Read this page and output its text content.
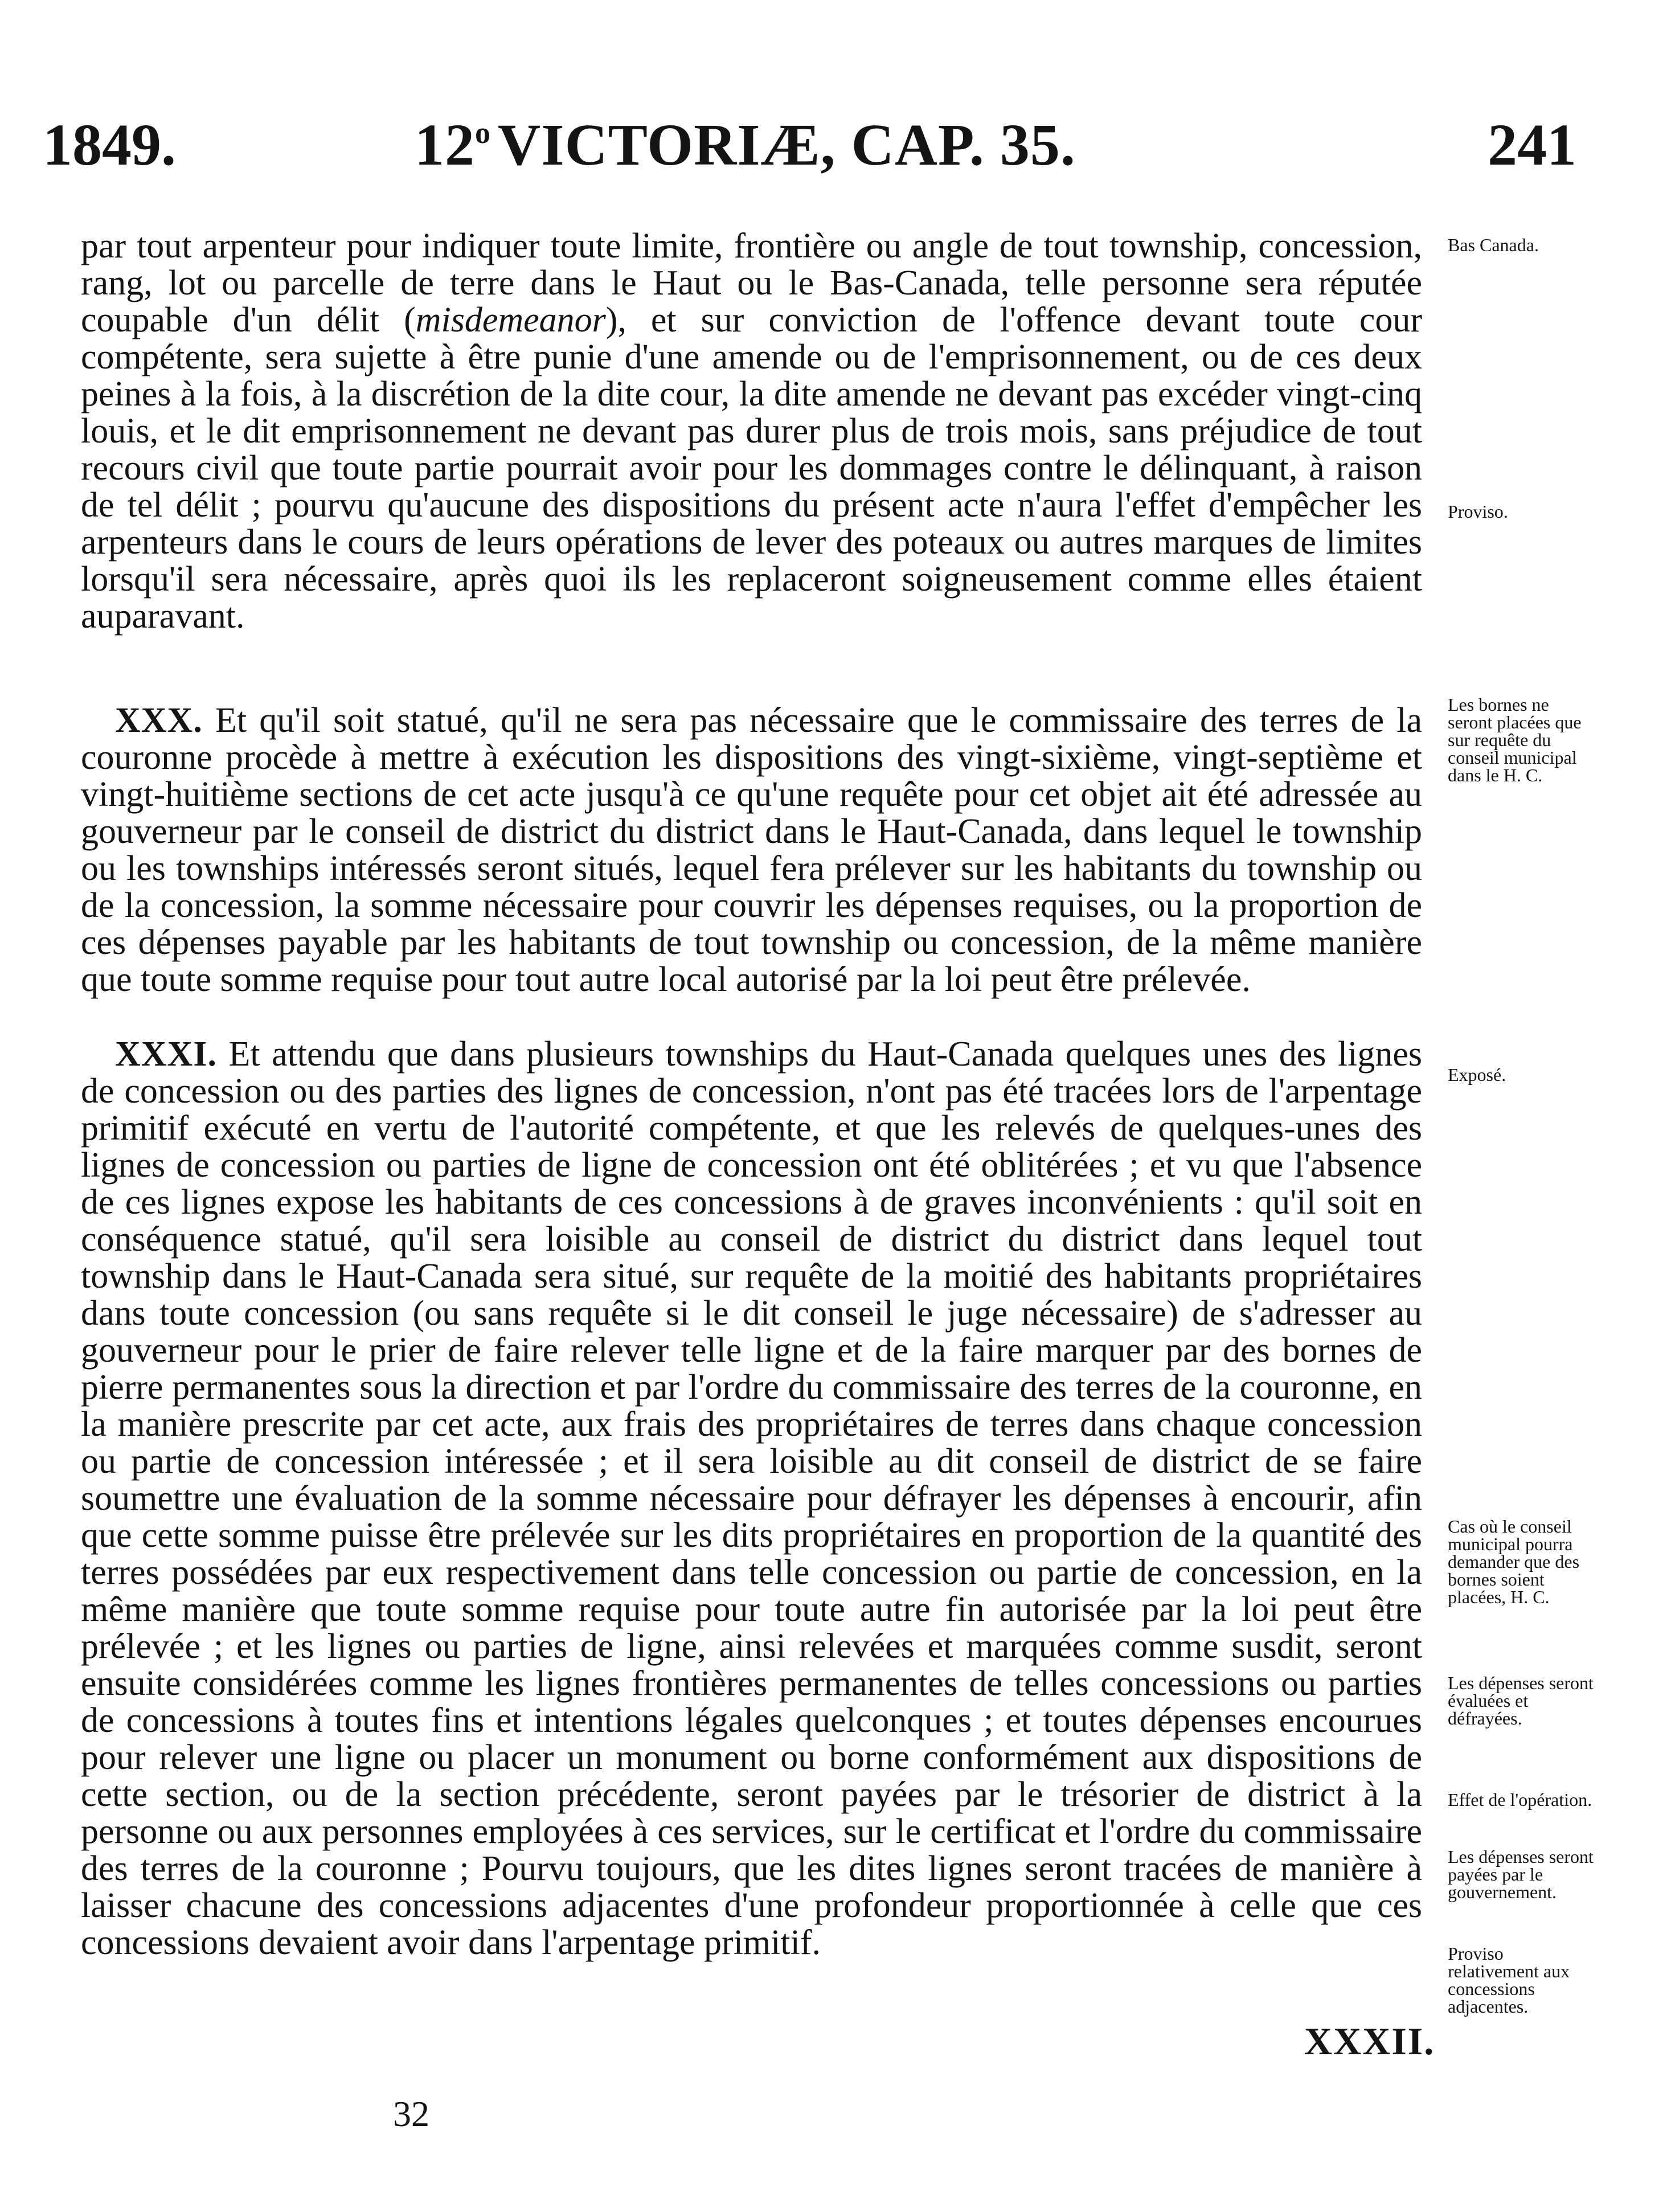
1849.	12$^o$ VICTORIÆ, CAP. 35.	241

par tout arpenteur pour indiquer toute limite, frontière ou angle de tout township, concession, rang, lot ou parcelle de terre dans le Haut ou le Bas-Canada, telle personne sera réputée coupable d'un délit (misdemeanor), et sur conviction de l'offence devant toute cour compétente, sera sujette à être punie d'une amende ou de l'emprisonnement, ou de ces deux peines à la fois, à la discrétion de la dite cour, la dite amende ne devant pas excéder vingt-cinq louis, et le dit emprisonnement ne devant pas durer plus de trois mois, sans préjudice de tout recours civil que toute partie pourrait avoir pour les dommages contre le délinquant, à raison de tel délit ; pourvu qu'aucune des dispositions du présent acte n'aura l'effet d'empêcher les arpenteurs dans le cours de leurs opérations de lever des poteaux ou autres marques de limites lorsqu'il sera nécessaire, après quoi ils les replaceront soigneusement comme elles étaient auparavant.

XXX. Et qu'il soit statué, qu'il ne sera pas nécessaire que le commissaire des terres de la couronne procède à mettre à exécution les dispositions des vingt-sixième, vingt-septième et vingt-huitième sections de cet acte jusqu'à ce qu'une requête pour cet objet ait été adressée au gouverneur par le conseil de district du district dans le Haut-Canada, dans lequel le township ou les townships intéressés seront situés, lequel fera prélever sur les habitants du township ou de la concession, la somme nécessaire pour couvrir les dépenses requises, ou la proportion de ces dépenses payable par les habitants de tout township ou concession, de la même manière que toute somme requise pour tout autre local autorisé par la loi peut être prélevée.

XXXI. Et attendu que dans plusieurs townships du Haut-Canada quelques unes des lignes de concession ou des parties des lignes de concession, n'ont pas été tracées lors de l'arpentage primitif exécuté en vertu de l'autorité compétente, et que les relevés de quelques-unes des lignes de concession ou parties de ligne de concession ont été oblitérées ; et vu que l'absence de ces lignes expose les habitants de ces concessions à de graves inconvénients : qu'il soit en conséquence statué, qu'il sera loisible au conseil de district du district dans lequel tout township dans le Haut-Canada sera situé, sur requête de la moitié des habitants propriétaires dans toute concession (ou sans requête si le dit conseil le juge nécessaire) de s'adresser au gouverneur pour le prier de faire relever telle ligne et de la faire marquer par des bornes de pierre permanentes sous la direction et par l'ordre du commissaire des terres de la couronne, en la manière prescrite par cet acte, aux frais des propriétaires de terres dans chaque concession ou partie de concession intéressée ; et il sera loisible au dit conseil de district de se faire soumettre une évaluation de la somme nécessaire pour défrayer les dépenses à encourir, afin que cette somme puisse être prélevée sur les dits propriétaires en proportion de la quantité des terres possédées par eux respectivement dans telle concession ou partie de concession, en la même manière que toute somme requise pour toute autre fin autorisée par la loi peut être prélevée ; et les lignes ou parties de ligne, ainsi relevées et marquées comme susdit, seront ensuite considérées comme les lignes frontières permanentes de telles concessions ou parties de concessions à toutes fins et intentions légales quelconques ; et toutes dépenses encourues pour relever une ligne ou placer un monument ou borne conformément aux dispositions de cette section, ou de la section précédente, seront payées par le trésorier de district à la personne ou aux personnes employées à ces services, sur le certificat et l'ordre du commissaire des terres de la couronne ; Pourvu toujours, que les dites lignes seront tracées de manière à laisser chacune des concessions adjacentes d'une profondeur proportionnée à celle que ces concessions devaient avoir dans l'arpentage primitif.

Bas Canada.
Proviso.
Les bornes ne seront placées que sur requête du conseil municipal dans le H. C.
Exposé.
Cas où le conseil municipal pourra demander que des bornes soient placées, H. C.
Les dépenses seront évaluées et défrayées.
Effet de l'opération.
Les dépenses seront payées par le gouvernement.
Proviso relativement aux concessions adjacentes.
XXXII.
32
